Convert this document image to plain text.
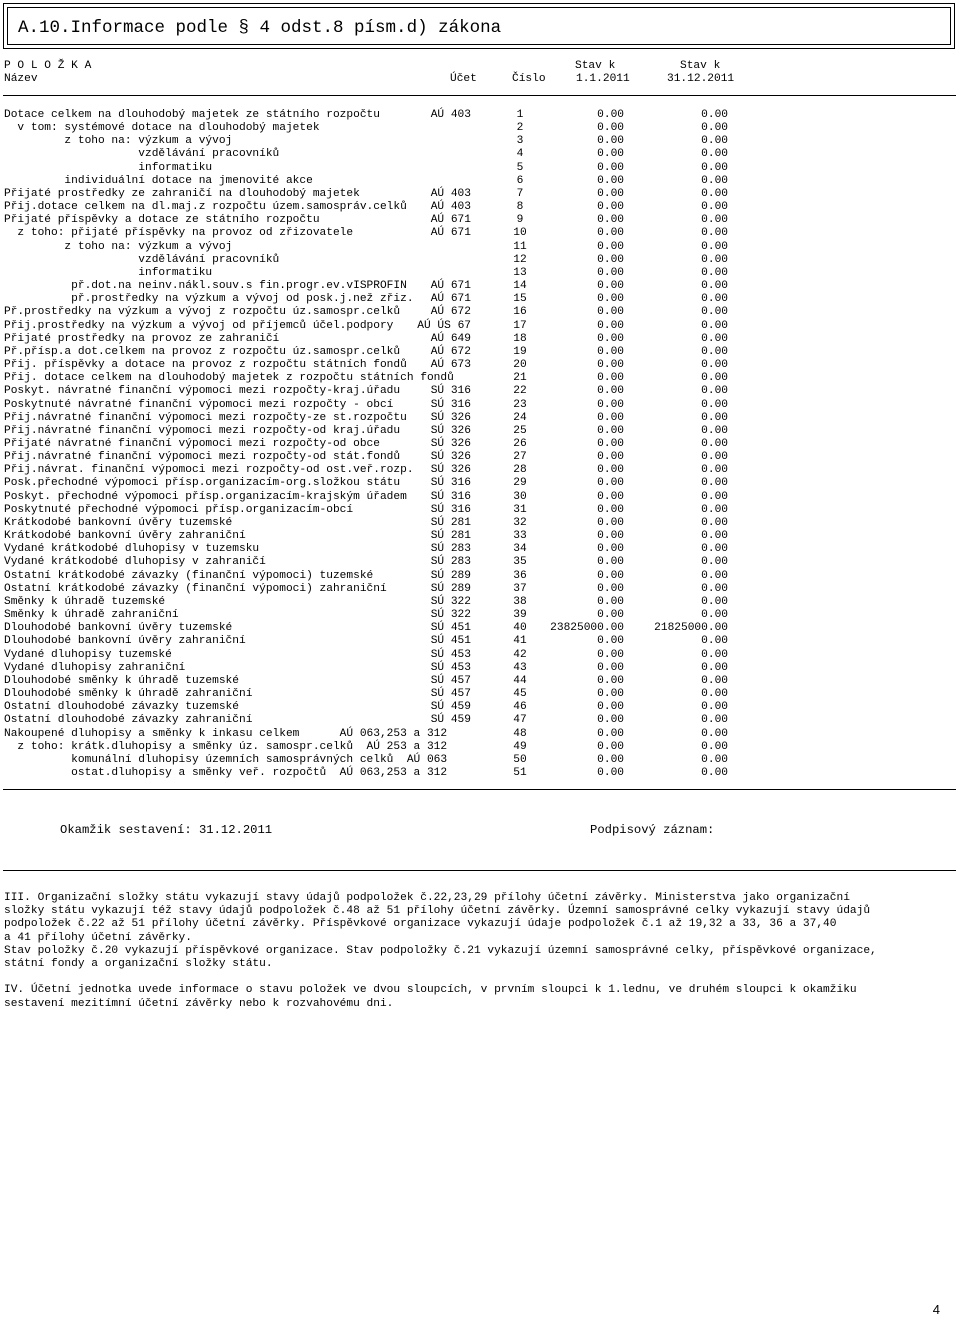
A.10.Informace podle § 4 odst.8 písm.d) zákona
P O L O Ž K A	Stav k	Stav k
Název	Účet	Číslo	1.1.2011	31.12.2011
Dotace celkem na dlouhodobý majetek ze státního rozpočtu	AÚ 403	1	0.00	0.00
v tom: systémové dotace na dlouhodobý majetek	2	0.00	0.00
z toho na: výzkum a vývoj	3	0.00	0.00
vzdělávání pracovníků	4	0.00	0.00
informatiku	5	0.00	0.00
individuální dotace na jmenovité akce	6	0.00	0.00
Přijaté prostředky ze zahraničí na dlouhodobý majetek	AÚ 403	7	0.00	0.00
Přij.dotace celkem na dl.maj.z rozpočtu územ.samospráv.celků AÚ 403	8	0.00	0.00
Přijaté příspěvky a dotace ze státního rozpočtu	AÚ 671	9	0.00	0.00
z toho: přijaté příspěvky na provoz od zřizovatele	AÚ 671	10	0.00	0.00
z toho na: výzkum a vývoj	11	0.00	0.00
vzdělávání pracovníků	12	0.00	0.00
informatiku	13	0.00	0.00
př.dot.na neinv.nákl.souv.s fin.progr.ev.vISPROFIN AÚ 671	14	0.00	0.00
př.prostředky na výzkum a vývoj od posk.j.než zřiz. AÚ 671	15	0.00	0.00
Př.prostředky na výzkum a vývoj z rozpočtu úz.samospr.celků	AÚ 672	16	0.00	0.00
Přij.prostředky na výzkum a vývoj od příjemců účel.podpory AÚ ÚS 67	17	0.00	0.00
Přijaté prostředky na provoz ze zahraničí	AÚ 649	18	0.00	0.00
Př.přísp.a dot.celkem na provoz z rozpočtu úz.samospr.celků	AÚ 672	19	0.00	0.00
Přij. příspěvky a dotace na provoz z rozpočtu státních fondů AÚ 673	20	0.00	0.00
Přij. dotace celkem na dlouhodobý majetek z rozpočtu státních fondů	21	0.00	0.00
Poskyt. návratné finanční výpomoci mezi rozpočty-kraj.úřadu	SÚ 316	22	0.00	0.00
Poskytnuté návratné finanční výpomoci mezi rozpočty - obcí	SÚ 316	23	0.00	0.00
Přij.návratné finanční výpomoci mezi rozpočty-ze st.rozpočtu SÚ 326	24	0.00	0.00
Přij.návratné finanční výpomoci mezi rozpočty-od kraj.úřadu	SÚ 326	25	0.00	0.00
Přijaté návratné finanční výpomoci mezi rozpočty-od obce	SÚ 326	26	0.00	0.00
Přij.návratné finanční výpomoci mezi rozpočty-od stát.fondů	SÚ 326	27	0.00	0.00
Přij.návrat. finanční výpomoci mezi rozpočty-od ost.veř.rozp. SÚ 326	28	0.00	0.00
Posk.přechodné výpomoci přísp.organizacím-org.složkou státu	SÚ 316	29	0.00	0.00
Poskyt. přechodné výpomoci přísp.organizacím-krajským úřadem SÚ 316	30	0.00	0.00
Poskytnuté přechodné výpomoci přísp.organizacím-obcí	SÚ 316	31	0.00	0.00
Krátkodobé bankovní úvěry tuzemské	SÚ 281	32	0.00	0.00
Krátkodobé bankovní úvěry zahraniční	SÚ 281	33	0.00	0.00
Vydané krátkodobé dluhopisy v tuzemsku	SÚ 283	34	0.00	0.00
Vydané krátkodobé dluhopisy v zahraničí	SÚ 283	35	0.00	0.00
Ostatní krátkodobé závazky (finanční výpomoci) tuzemské	SÚ 289	36	0.00	0.00
Ostatní krátkodobé závazky (finanční výpomoci) zahraniční	SÚ 289	37	0.00	0.00
Směnky k úhradě tuzemské	SÚ 322	38	0.00	0.00
Směnky k úhradě zahraniční	SÚ 322	39	0.00	0.00
Dlouhodobé bankovní úvěry tuzemské	SÚ 451	40 23825000.00	21825000.00
Dlouhodobé bankovní úvěry zahraniční	SÚ 451	41	0.00	0.00
Vydané dluhopisy tuzemské	SÚ 453	42	0.00	0.00
Vydané dluhopisy zahraniční	SÚ 453	43	0.00	0.00
Dlouhodobé směnky k úhradě tuzemské	SÚ 457	44	0.00	0.00
Dlouhodobé směnky k úhradě zahraniční	SÚ 457	45	0.00	0.00
Ostatní dlouhodobé závazky tuzemské	SÚ 459	46	0.00	0.00
Ostatní dlouhodobé závazky zahraniční	SÚ 459	47	0.00	0.00
Nakoupené dluhopisy a směnky k inkasu celkem      AÚ 063,253 a 312	48	0.00	0.00
z toho: krátk.dluhopisy a směnky úz. samospr.celků  AÚ 253 a 312	49	0.00	0.00
komunální dluhopisy územních samosprávných celků  AÚ 063	50	0.00	0.00
ostat.dluhopisy a směnky veř. rozpočtů  AÚ 063,253 a 312	51	0.00	0.00
Okamžik sestavení: 31.12.2011	Podpisový záznam:
III. Organizační složky státu vykazují stavy údajů podpoložek č.22,23,29 přílohy účetní závěrky. Ministerstva jako organizační
složky státu vykazují též stavy údajů podpoložek č.48 až 51 přílohy účetní závěrky. Územní samosprávné celky vykazují stavy údajů
podpoložek č.22 až 51 přílohy účetní závěrky. Příspěvkové organizace vykazují údaje podpoložek č.1 až 19,32 a 33, 36 a 37,40
a 41 přílohy účetní závěrky.
Stav položky č.20 vykazují příspěvkové organizace. Stav podpoložky č.21 vykazují územní samosprávné celky, příspěvkové organizace,
státní fondy a organizační složky státu.
IV. Účetní jednotka uvede informace o stavu položek ve dvou sloupcích, v prvním sloupci k 1.lednu, ve druhém sloupci k okamžiku
sestavení mezitímní účetní závěrky nebo k rozvahovému dni.
4
